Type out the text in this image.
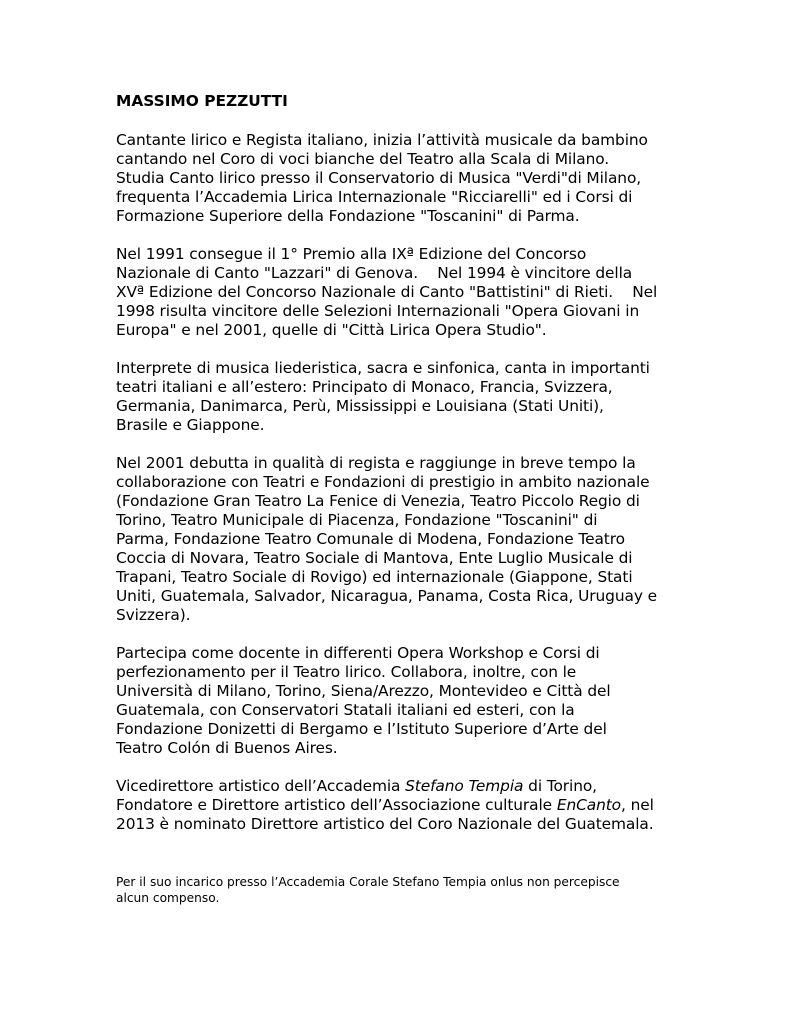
MASSIMO PEZZUTTI
Cantante lirico e Regista italiano, inizia l’attività musicale da bambino
cantando nel Coro di voci bianche del Teatro alla Scala di Milano.
Studia Canto lirico presso il Conservatorio di Musica "Verdi"di Milano,
frequenta l’Accademia Lirica Internazionale "Ricciarelli" ed i Corsi di
Formazione Superiore della Fondazione "Toscanini" di Parma.
Nel 1991 consegue il 1° Premio alla IXª Edizione del Concorso
Nazionale di Canto "Lazzari" di Genova.    Nel 1994 è vincitore della
XVª Edizione del Concorso Nazionale di Canto "Battistini" di Rieti.    Nel
1998 risulta vincitore delle Selezioni Internazionali "Opera Giovani in
Europa" e nel 2001, quelle di "Città Lirica Opera Studio".
Interprete di musica liederistica, sacra e sinfonica, canta in importanti
teatri italiani e all’estero: Principato di Monaco, Francia, Svizzera,
Germania, Danimarca, Perù, Mississippi e Louisiana (Stati Uniti),
Brasile e Giappone.
Nel 2001 debutta in qualità di regista e raggiunge in breve tempo la
collaborazione con Teatri e Fondazioni di prestigio in ambito nazionale
(Fondazione Gran Teatro La Fenice di Venezia, Teatro Piccolo Regio di
Torino, Teatro Municipale di Piacenza, Fondazione "Toscanini" di
Parma, Fondazione Teatro Comunale di Modena, Fondazione Teatro
Coccia di Novara, Teatro Sociale di Mantova, Ente Luglio Musicale di
Trapani, Teatro Sociale di Rovigo) ed internazionale (Giappone, Stati
Uniti, Guatemala, Salvador, Nicaragua, Panama, Costa Rica, Uruguay e
Svizzera).
Partecipa come docente in differenti Opera Workshop e Corsi di
perfezionamento per il Teatro lirico. Collabora, inoltre, con le
Università di Milano, Torino, Siena/Arezzo, Montevideo e Città del
Guatemala, con Conservatori Statali italiani ed esteri, con la
Fondazione Donizetti di Bergamo e l’Istituto Superiore d’Arte del
Teatro Colón di Buenos Aires.
Vicedirettore artistico dell’Accademia Stefano Tempia di Torino,
Fondatore e Direttore artistico dell’Associazione culturale EnCanto, nel
2013 è nominato Direttore artistico del Coro Nazionale del Guatemala.
Per il suo incarico presso l’Accademia Corale Stefano Tempia onlus non percepisce
alcun compenso.
